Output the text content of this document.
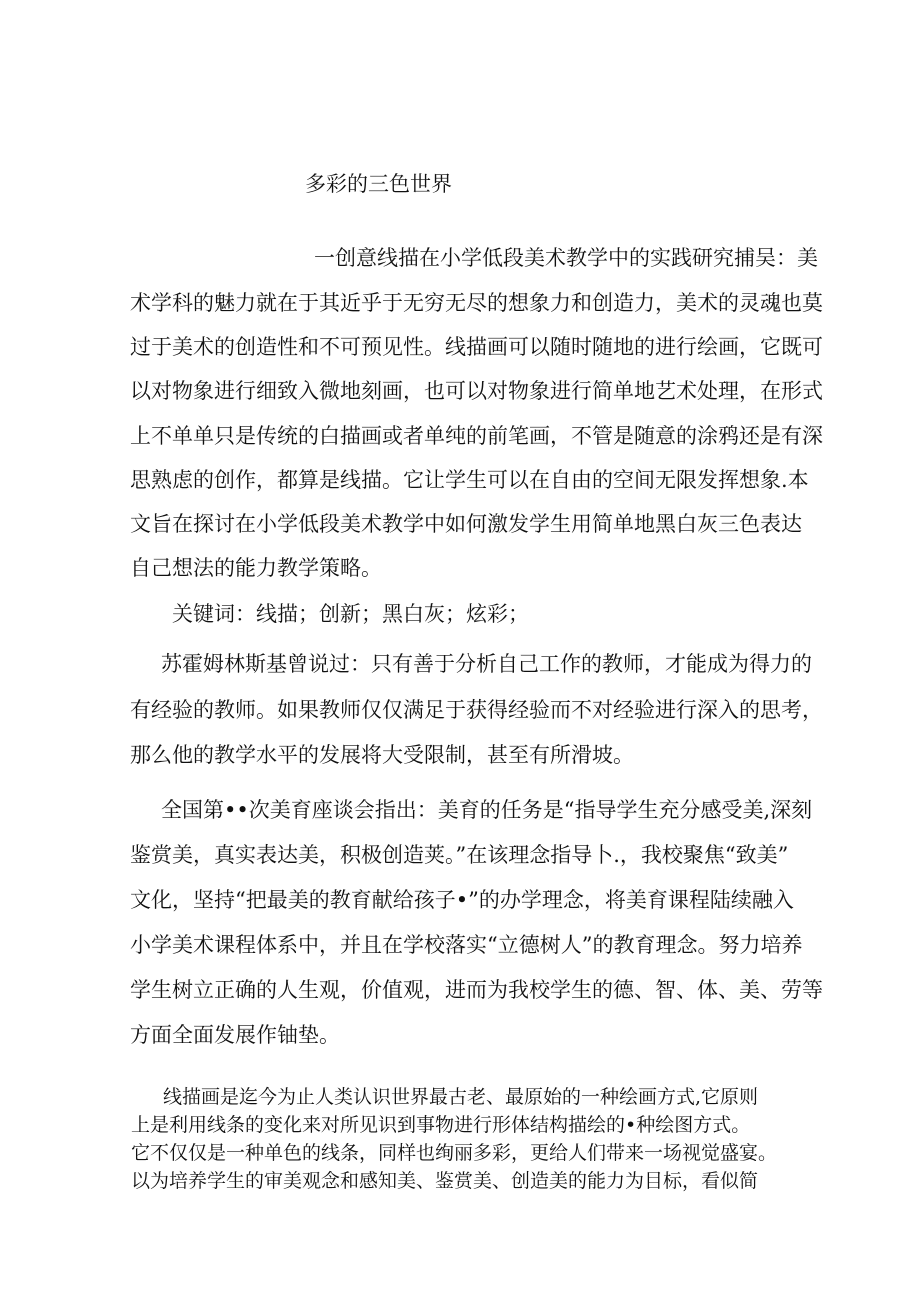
多彩的三色世界
一创意线描在小学低段美术教学中的实践研究捕吴：美
术学科的魅力就在于其近乎于无穷无尽的想象力和创造力，美术的灵魂也莫
过于美术的创造性和不可预见性。线描画可以随时随地的进行绘画，它既可
以对物象进行细致入微地刻画，也可以对物象进行简单地艺术处理，在形式
上不单单只是传统的白描画或者单纯的前笔画，不管是随意的涂鸦还是有深
思熟虑的创作，都算是线描。它让学生可以在自由的空间无限发挥想象.本
文旨在探讨在小学低段美术教学中如何激发学生用简单地黑白灰三色表达
自己想法的能力教学策略。
关键词：线描；创新；黑白灰；炫彩；
苏霍姆林斯基曾说过：只有善于分析自己工作的教师，才能成为得力的
有经验的教师。如果教师仅仅满足于获得经验而不对经验进行深入的思考，
那么他的教学水平的发展将大受限制，甚至有所滑坡。
全国第••次美育座谈会指出：美育的任务是“指导学生充分感受美,深刻
鉴赏美，真实表达美，积极创造荚。”在该理念指导卜.，我校聚焦“致美”
文化，坚持“把最美的教育献给孩子•”的办学理念，将美育课程陆续融入
小学美术课程体系中，并且在学校落实“立德树人”的教育理念。努力培养
学生树立正确的人生观，价值观，进而为我校学生的德、智、体、美、劳等
方面全面发展作铀垫。
线描画是迄今为止人类认识世界最古老、最原始的一种绘画方式,它原则
上是利用线条的变化来对所见识到事物进行形体结构描绘的•种绘图方式。
它不仅仅是一种单色的线条，同样也绚丽多彩，更给人们带来一场视觉盛宴。
以为培养学生的审美观念和感知美、鉴赏美、创造美的能力为目标，看似简
